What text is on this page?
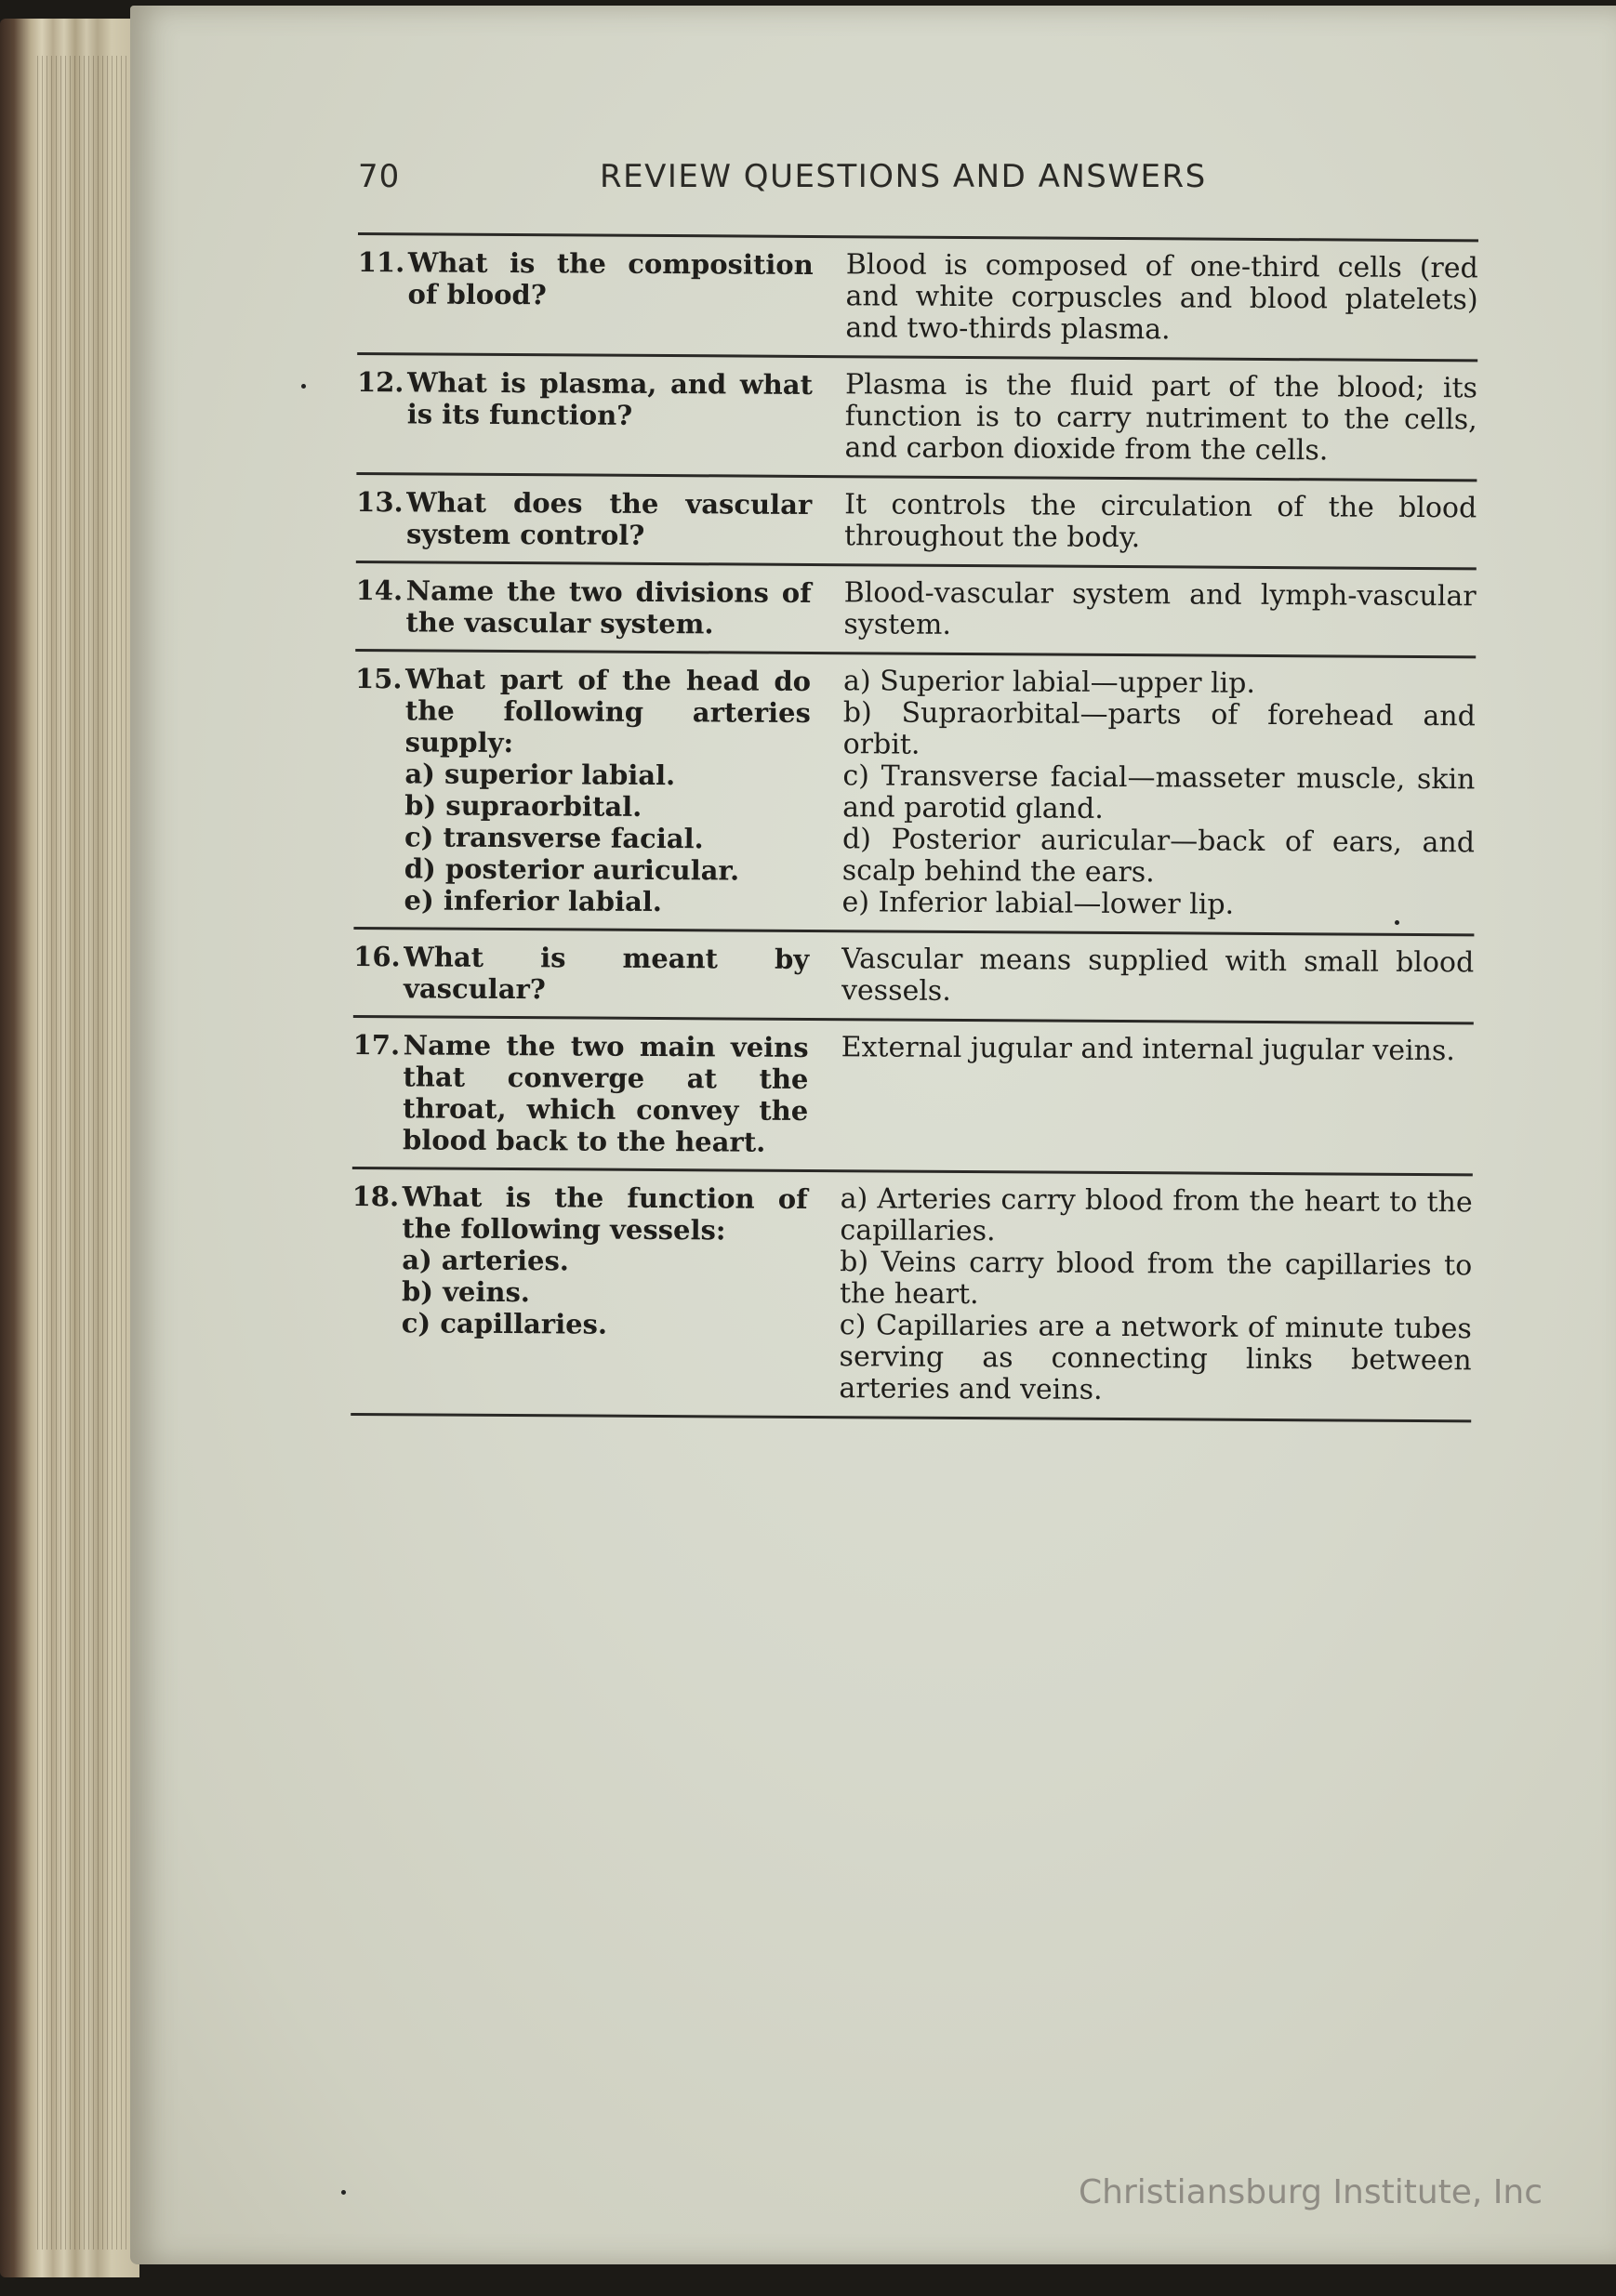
70	REVIEW QUESTIONS AND ANSWERS
11. What is the composition of blood?
Blood is composed of one-third cells (red and white corpuscles and blood platelets) and two-thirds plasma.
12. What is plasma, and what is its function?
Plasma is the fluid part of the blood; its function is to carry nutriment to the cells, and carbon dioxide from the cells.
13. What does the vascular system control?
It controls the circulation of the blood throughout the body.
14. Name the two divisions of the vascular system.
Blood-vascular system and lymph-vascular system.
15. What part of the head do the following arteries supply:
a) superior labial.
b) supraorbital.
c) transverse facial.
d) posterior auricular.
e) inferior labial.
a) Superior labial—upper lip.
b) Supraorbital—parts of forehead and orbit.
c) Transverse facial—masseter muscle, skin and parotid gland.
d) Posterior auricular—back of ears, and scalp behind the ears.
e) Inferior labial—lower lip.
16. What is meant by vascular?
Vascular means supplied with small blood vessels.
17. Name the two main veins that converge at the throat, which convey the blood back to the heart.
External jugular and internal jugular veins.
18. What is the function of the following vessels:
a) arteries.
b) veins.
c) capillaries.
a) Arteries carry blood from the heart to the capillaries.
b) Veins carry blood from the capillaries to the heart.
c) Capillaries are a network of minute tubes serving as connecting links between arteries and veins.
Christiansburg Institute, Inc
